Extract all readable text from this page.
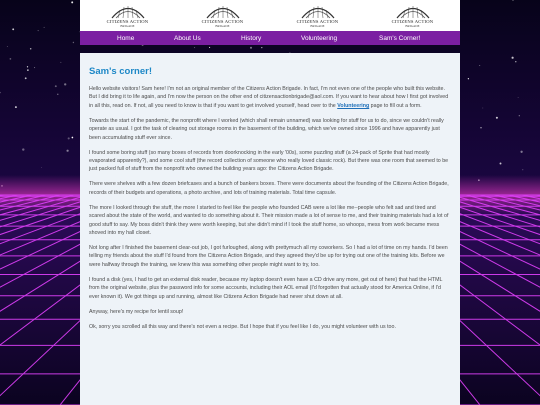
CITIZENS ACTION
BRIGADE
CITIZENS ACTION
BRIGADE
CITIZENS ACTION
BRIGADE
CITIZENS ACTION
BRIGADE
Home	About Us	History	Volunteering	Sam's Corner!
Sam's corner!

Hello website visitors! Sam here! I'm not an original member of the Citizens Action Brigade. In fact, I'm not even one of the people who built this website. But I did bring it to life again, and I'm now the person on the other end of citizensactionbrigade@aol.com. If you want to hear about how I first got involved in all this, read on. If not, all you need to know is that if you want to get involved yourself, head over to the Volunteering page to fill out a form.

Towards the start of the pandemic, the nonprofit where I worked (which shall remain unnamed) was looking for stuff for us to do, since we couldn't really operate as usual. I got the task of clearing out storage rooms in the basement of the building, which we've owned since 1996 and have apparently just been accumulating stuff ever since.

I found some boring stuff (so many boxes of records from doorknocking in the early '00s), some puzzling stuff (a 24-pack of Sprite that had mostly evaporated apparently?), and some cool stuff (the record collection of someone who really loved classic rock). But there was one room that seemed to be just packed full of stuff from the nonprofit who owned the building years ago: the Citizens Action Brigade.

There were shelves with a few dozen briefcases and a bunch of bankers boxes. There were documents about the founding of the Citizens Action Brigade, records of their budgets and operations, a photo archive, and lots of training materials. Total time capsule.

The more I looked through the stuff, the more I started to feel like the people who founded CAB were a lot like me--people who felt sad and tired and scared about the state of the world, and wanted to do something about it. Their mission made a lot of sense to me, and their training materials had a lot of good stuff to say. My boss didn't think they were worth keeping, but she didn't mind if I took the stuff home, so whoops, mess from work became mess shoved into my hall closet.

Not long after I finished the basement clear-out job, I got furloughed, along with prettymuch all my coworkers. So I had a lot of time on my hands. I'd been telling my friends about the stuff I'd found from the Citizens Action Brigade, and they agreed they'd be up for trying out one of the training kits. Before we were halfway through the training, we knew this was something other people might want to try, too.

I found a disk (yes, I had to get an external disk reader, because my laptop doesn't even have a CD drive any more, get out of here) that had the HTML from the original website, plus the password info for some accounts, including their AOL email (I'd forgotten that actually stood for America Online, if I'd ever known it). We got things up and running, almost like Citizens Action Brigade had never shut down at all.

Anyway, here's my recipe for lentil soup!

Ok, sorry you scrolled all this way and there's not even a recipe. But I hope that if you feel like I do, you might volunteer with us too.
